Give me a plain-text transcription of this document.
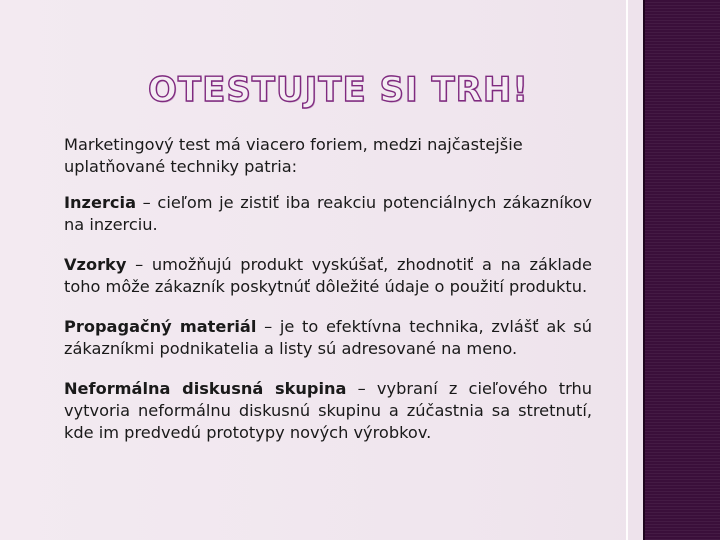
OTESTUJTE SI TRH!
Marketingový test má viacero foriem, medzi najčastejšie uplatňované techniky patria:
Inzercia – cieľom je zistiť iba reakciu potenciálnych zákazníkov na inzerciu.
Vzorky – umožňujú produkt vyskúšať, zhodnotiť a na základe toho môže zákazník poskytnúť dôležité údaje o použití produktu.
Propagačný materiál – je to efektívna technika, zvlášť ak sú zákazníkmi podnikatelia a listy sú adresované na meno.
Neformálna diskusná skupina – vybraní z cieľového trhu vytvoria neformálnu diskusnú skupinu a zúčastnia sa stretnutí, kde im predvedú prototypy nových výrobkov.
